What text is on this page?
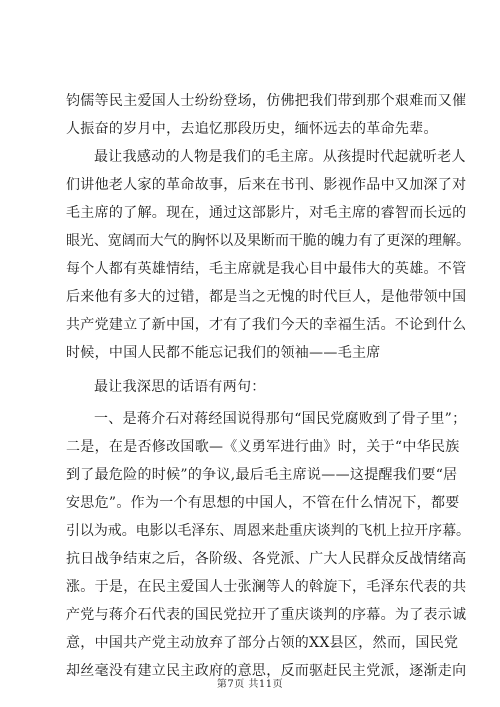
钧儒等民主爱国人士纷纷登场，仿佛把我们带到那个艰难而又催
人振奋的岁月中，去追忆那段历史，缅怀远去的革命先辈。
最让我感动的人物是我们的毛主席。从孩提时代起就听老人
们讲他老人家的革命故事，后来在书刊、影视作品中又加深了对
毛主席的了解。现在，通过这部影片，对毛主席的睿智而长远的
眼光、宽阔而大气的胸怀以及果断而干脆的魄力有了更深的理解。
每个人都有英雄情结，毛主席就是我心目中最伟大的英雄。不管
后来他有多大的过错，都是当之无愧的时代巨人，是他带领中国
共产党建立了新中国，才有了我们今天的幸福生活。不论到什么
时候，中国人民都不能忘记我们的领袖——毛主席
最让我深思的话语有两句：
一、是蒋介石对蒋经国说得那句“国民党腐败到了骨子里”；
二是，在是否修改国歌—《义勇军进行曲》时，关于“中华民族
到了最危险的时候”的争议,最后毛主席说——这提醒我们要“居
安思危”。作为一个有思想的中国人，不管在什么情况下，都要
引以为戒。电影以毛泽东、周恩来赴重庆谈判的飞机上拉开序幕。
抗日战争结束之后，各阶级、各党派、广大人民群众反战情绪高
涨。于是，在民主爱国人士张澜等人的斡旋下，毛泽东代表的共
产党与蒋介石代表的国民党拉开了重庆谈判的序幕。为了表示诚
意，中国共产党主动放弃了部分占领的XX县区，然而，国民党
却丝毫没有建立民主政府的意思，反而驱赶民主党派，逐渐走向
第7页 共11页
